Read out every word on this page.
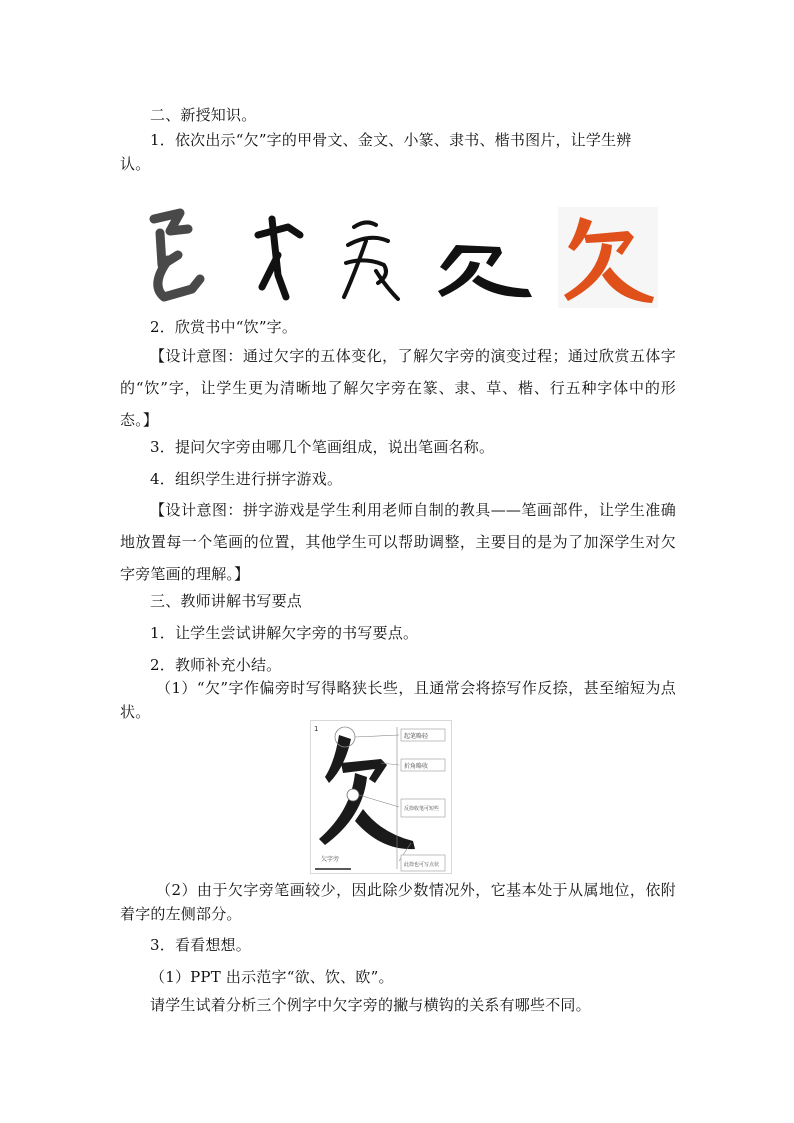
二、新授知识。
1．依次出示“欠”字的甲骨文、金文、小篆、隶书、楷书图片，让学生辨
认。
2．欣赏书中“饮”字。
【设计意图：通过欠字的五体变化，了解欠字旁的演变过程；通过欣赏五体字的“饮”字，让学生更为清晰地了解欠字旁在篆、隶、草、楷、行五种字体中的形态。】
3．提问欠字旁由哪几个笔画组成，说出笔画名称。
4．组织学生进行拼字游戏。
【设计意图：拼字游戏是学生利用老师自制的教具——笔画部件，让学生准确地放置每一个笔画的位置，其他学生可以帮助调整，主要目的是为了加深学生对欠字旁笔画的理解。】
三、教师讲解书写要点
1．让学生尝试讲解欠字旁的书写要点。
2．教师补充小结。
（1）“欠”字作偏旁时写得略狭长些，且通常会将捺写作反捺，甚至缩短为点状。
1
起笔略轻
折角略收
反捺收笔可短些
此捺也可写点状
欠字旁
（2）由于欠字旁笔画较少，因此除少数情况外，它基本处于从属地位，依附着字的左侧部分。
3．看看想想。
（1）PPT 出示范字“欲、饮、欧”。
请学生试着分析三个例字中欠字旁的撇与横钩的关系有哪些不同。
